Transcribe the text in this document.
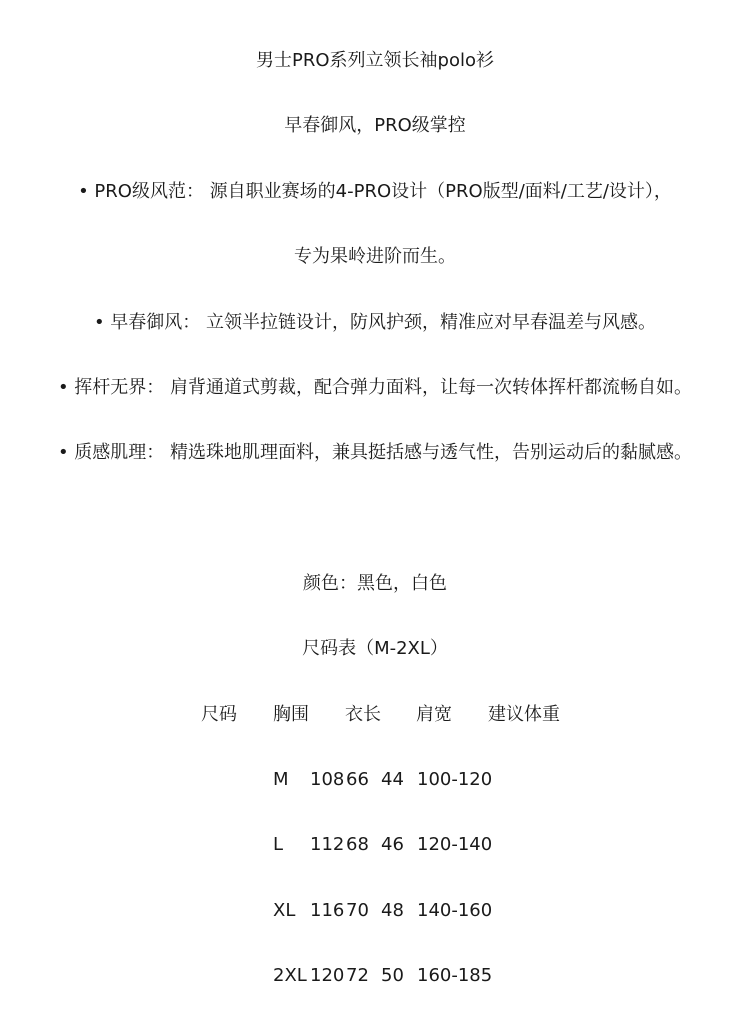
男士PRO系列立领长袖polo衫
早春御风，PRO级掌控
• PRO级风范： 源自职业赛场的4-PRO设计（PRO版型/面料/工艺/设计），
专为果岭进阶而生。
• 早春御风： 立领半拉链设计，防风护颈，精准应对早春温差与风感。
• 挥杆无界： 肩背通道式剪裁，配合弹力面料，让每一次转体挥杆都流畅自如。
• 质感肌理： 精选珠地肌理面料，兼具挺括感与透气性，告别运动后的黏腻感。
颜色：黑色，白色
尺码表（M-2XL）
尺码 胸围 衣长 肩宽 建议体重
M 108 66 44 100-120
L 112 68 46 120-140
XL 116 70 48 140-160
2XL 120 72 50 160-185
